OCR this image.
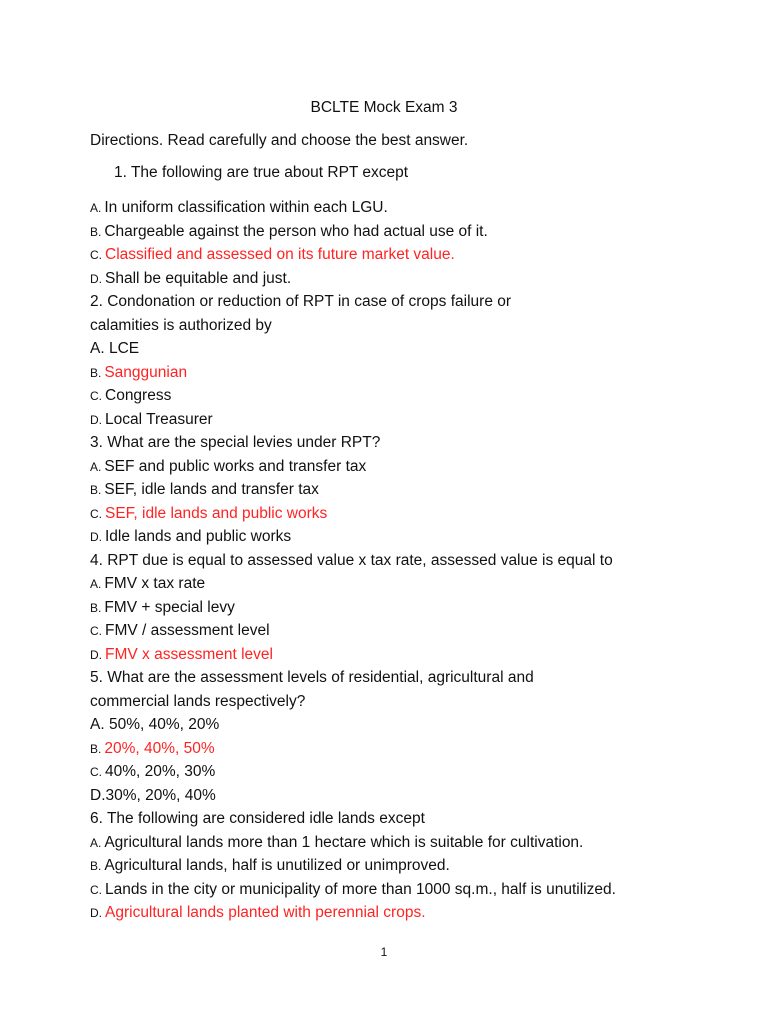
BCLTE Mock Exam 3
Directions. Read carefully and choose the best answer.
1. The following are true about RPT except
A. In uniform classification within each LGU.
B. Chargeable against the person who had actual use of it.
C. Classified and assessed on its future market value.
D. Shall be equitable and just.
2. Condonation or reduction of RPT in case of crops failure or
calamities is authorized by
A. LCE
B. Sanggunian
C. Congress
D. Local Treasurer
3. What are the special levies under RPT?
A. SEF and public works and transfer tax
B. SEF, idle lands and transfer tax
C. SEF, idle lands and public works
D. Idle lands and public works
4. RPT due is equal to assessed value x tax rate, assessed value is equal to
A. FMV x tax rate
B. FMV + special levy
C. FMV / assessment level
D. FMV x assessment level
5. What are the assessment levels of residential, agricultural and
commercial lands respectively?
A. 50%, 40%, 20%
B. 20%, 40%, 50%
C. 40%, 20%, 30%
D.30%, 20%, 40%
6. The following are considered idle lands except
A. Agricultural lands more than 1 hectare which is suitable for cultivation.
B. Agricultural lands, half is unutilized or unimproved.
C. Lands in the city or municipality of more than 1000 sq.m., half is unutilized.
D. Agricultural lands planted with perennial crops.
1
